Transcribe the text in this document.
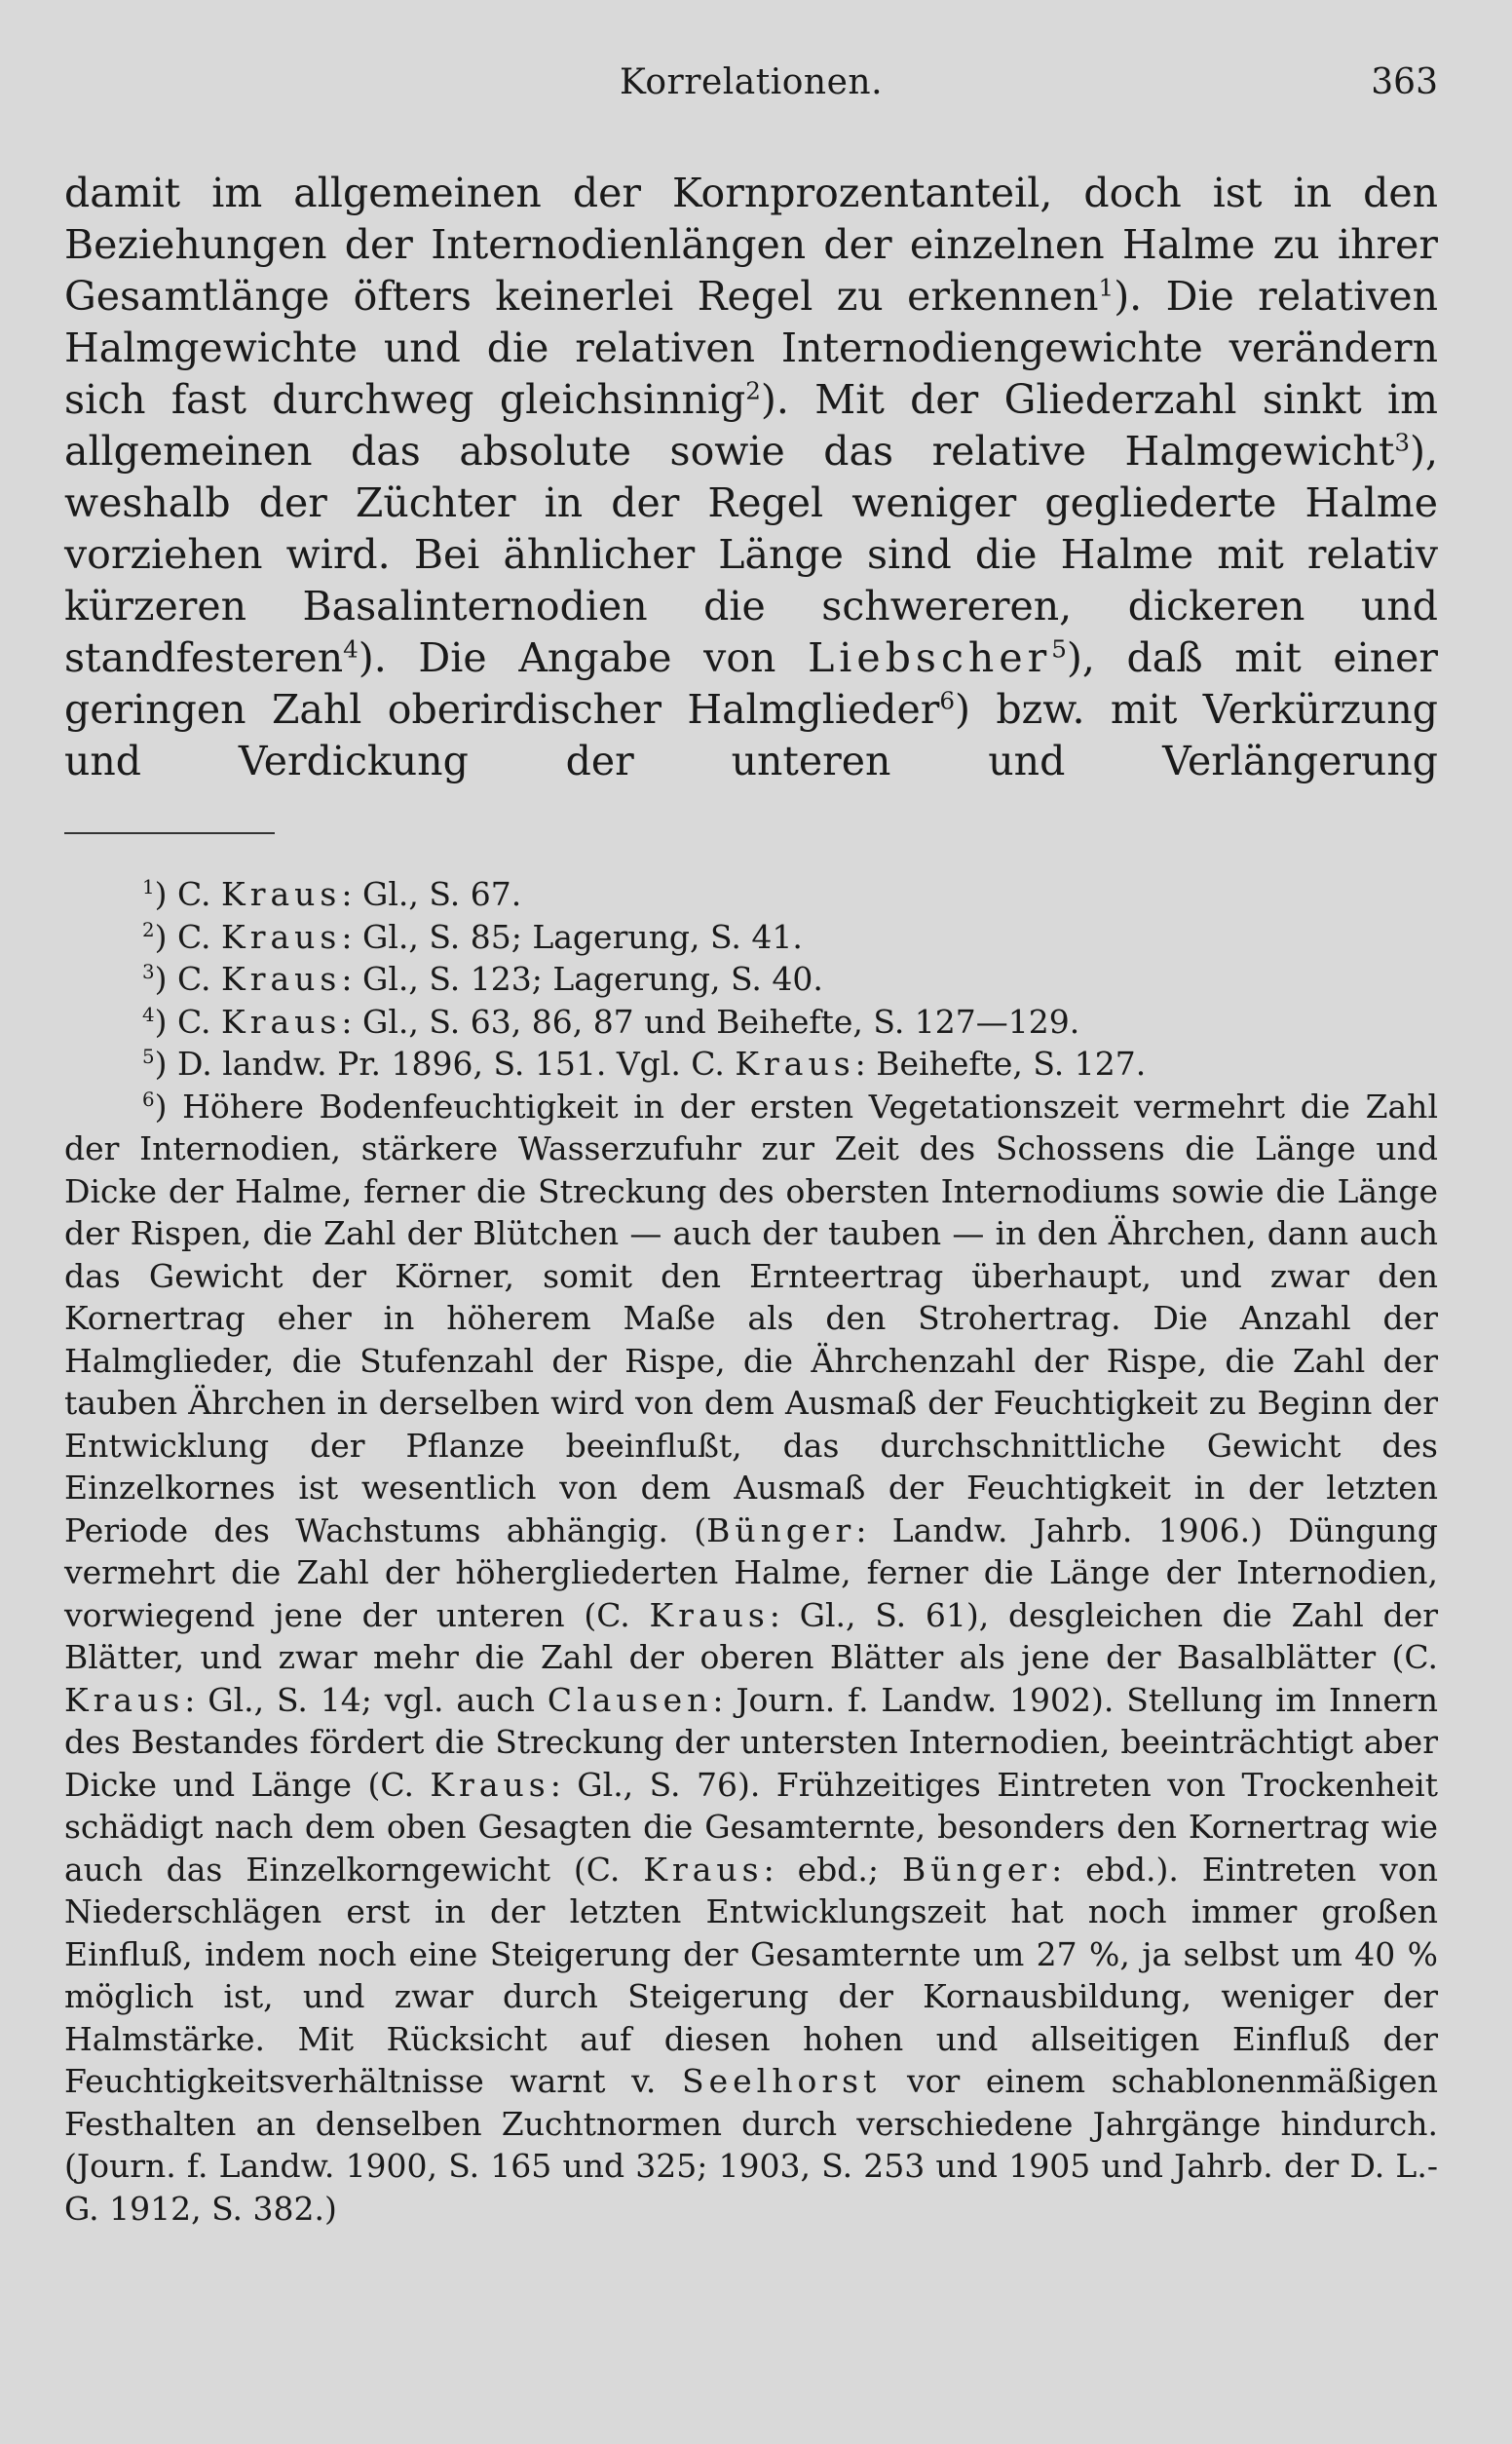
Korrelationen.	363
damit im allgemeinen der Kornprozentanteil, doch ist in den Beziehungen der Internodienlängen der einzelnen Halme zu ihrer Gesamtlänge öfters keinerlei Regel zu erkennen$^1$). Die relativen Halmgewichte und die relativen Internodiengewichte verändern sich fast durchweg gleichsinnig$^2$). Mit der Gliederzahl sinkt im allgemeinen das absolute sowie das relative Halmgewicht$^3$), weshalb der Züchter in der Regel weniger gegliederte Halme vorziehen wird. Bei ähnlicher Länge sind die Halme mit relativ kürzeren Basalinternodien die schwereren, dickeren und standfesteren$^4$). Die Angabe von Liebscher$^5$), daß mit einer geringen Zahl oberirdischer Halmglieder$^6$) bzw. mit Verkürzung und Verdickung der unteren und Verlängerung
$^1$) C. Kraus: Gl., S. 67.
$^2$) C. Kraus: Gl., S. 85; Lagerung, S. 41.
$^3$) C. Kraus: Gl., S. 123; Lagerung, S. 40.
$^4$) C. Kraus: Gl., S. 63, 86, 87 und Beihefte, S. 127—129.
$^5$) D. landw. Pr. 1896, S. 151. Vgl. C. Kraus: Beihefte, S. 127.
$^6$) Höhere Bodenfeuchtigkeit in der ersten Vegetationszeit vermehrt die Zahl der Internodien, stärkere Wasserzufuhr zur Zeit des Schossens die Länge und Dicke der Halme, ferner die Streckung des obersten Internodiums sowie die Länge der Rispen, die Zahl der Blütchen — auch der tauben — in den Ährchen, dann auch das Gewicht der Körner, somit den Ernteertrag überhaupt, und zwar den Kornertrag eher in höherem Maße als den Strohertrag. Die Anzahl der Halmglieder, die Stufenzahl der Rispe, die Ährchenzahl der Rispe, die Zahl der tauben Ährchen in derselben wird von dem Ausmaß der Feuchtigkeit zu Beginn der Entwicklung der Pflanze beeinflußt, das durchschnittliche Gewicht des Einzelkornes ist wesentlich von dem Ausmaß der Feuchtigkeit in der letzten Periode des Wachstums abhängig. (Bünger: Landw. Jahrb. 1906.) Düngung vermehrt die Zahl der höhergliederten Halme, ferner die Länge der Internodien, vorwiegend jene der unteren (C. Kraus: Gl., S. 61), desgleichen die Zahl der Blätter, und zwar mehr die Zahl der oberen Blätter als jene der Basalblätter (C. Kraus: Gl., S. 14; vgl. auch Clausen: Journ. f. Landw. 1902). Stellung im Innern des Bestandes fördert die Streckung der untersten Internodien, beeinträchtigt aber Dicke und Länge (C. Kraus: Gl., S. 76). Frühzeitiges Eintreten von Trockenheit schädigt nach dem oben Gesagten die Gesamternte, besonders den Kornertrag wie auch das Einzelkorngewicht (C. Kraus: ebd.; Bünger: ebd.). Eintreten von Niederschlägen erst in der letzten Entwicklungszeit hat noch immer großen Einfluß, indem noch eine Steigerung der Gesamternte um 27 %, ja selbst um 40 % möglich ist, und zwar durch Steigerung der Kornausbildung, weniger der Halmstärke. Mit Rücksicht auf diesen hohen und allseitigen Einfluß der Feuchtigkeitsverhältnisse warnt v. Seelhorst vor einem schablonenmäßigen Festhalten an denselben Zuchtnormen durch verschiedene Jahrgänge hindurch. (Journ. f. Landw. 1900, S. 165 und 325; 1903, S. 253 und 1905 und Jahrb. der D. L.-G. 1912, S. 382.)
